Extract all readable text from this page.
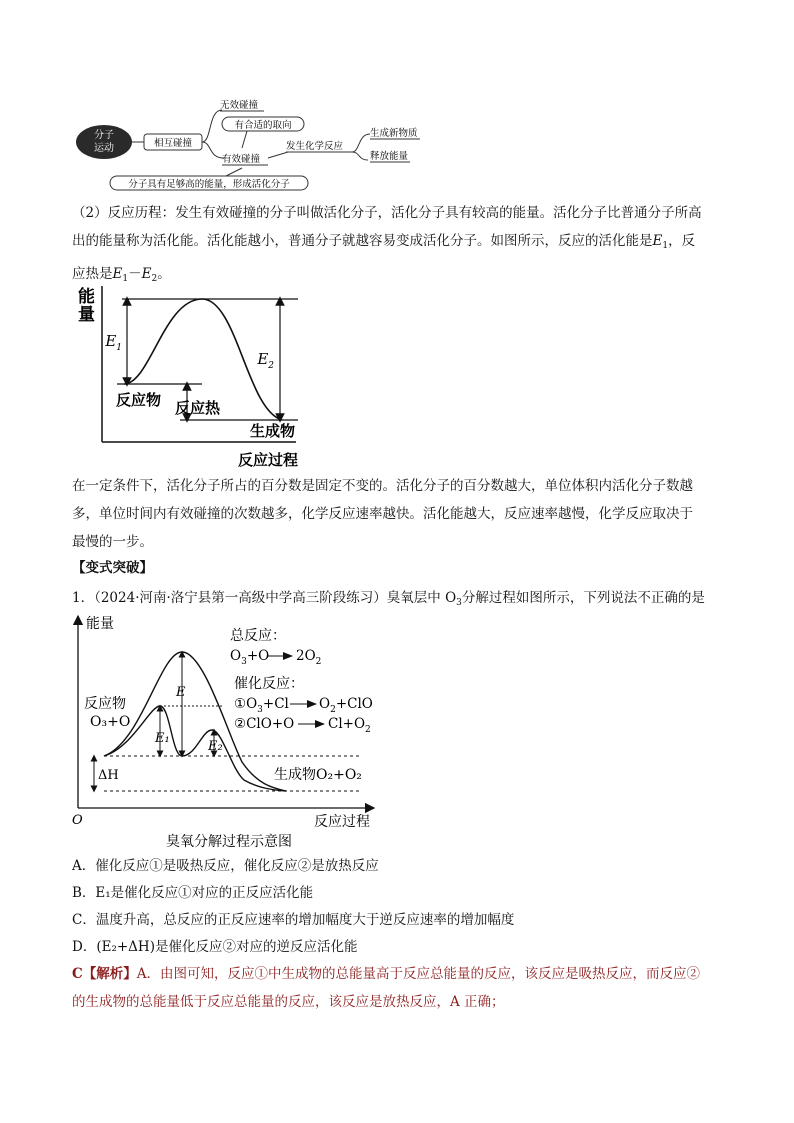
分子
运动	相互碰撞
无效碰撞
有合适的取向
有效碰撞
发生化学反应
生成新物质
释放能量
分子具有足够高的能量，形成活化分子
（2）反应历程：发生有效碰撞的分子叫做活化分子，活化分子具有较高的能量。活化分子比普通分子所高
出的能量称为活化能。活化能越小，普通分子就越容易变成活化分子。如图所示，反应的活化能是$E_1$，反
应热是$E_1-E_2$。
能
量
$E_1$
$E_2$
反应物 反应热
生成物
反应过程
在一定条件下，活化分子所占的百分数是固定不变的。活化分子的百分数越大，单位体积内活化分子数越
多，单位时间内有效碰撞的次数越多，化学反应速率越快。活化能越大，反应速率越慢，化学反应取决于
最慢的一步。
【变式突破】
1．（2024·河南·洛宁县第一高级中学高三阶段练习）臭氧层中 $O_3$分解过程如图所示，下列说法不正确的是
能量
O	反应过程
臭氧分解过程示意图
E
E₁
E₂
ΔH
反应物
O₃+O
生成物O₂+O₂
总反应：
$O_3+O$ $2O_2$
催化反应：
$①O_3+Cl$ $O_2+ClO$
②ClO+O	$Cl+O_2$
A．催化反应①是吸热反应，催化反应②是放热反应
B．E₁是催化反应①对应的正反应活化能
C．温度升高，总反应的正反应速率的增加幅度大于逆反应速率的增加幅度
D．(E₂+ΔH)是催化反应②对应的逆反应活化能
C【解析】A．由图可知，反应①中生成物的总能量高于反应总能量的反应，该反应是吸热反应，而反应②
的生成物的总能量低于反应总能量的反应，该反应是放热反应，A 正确；
